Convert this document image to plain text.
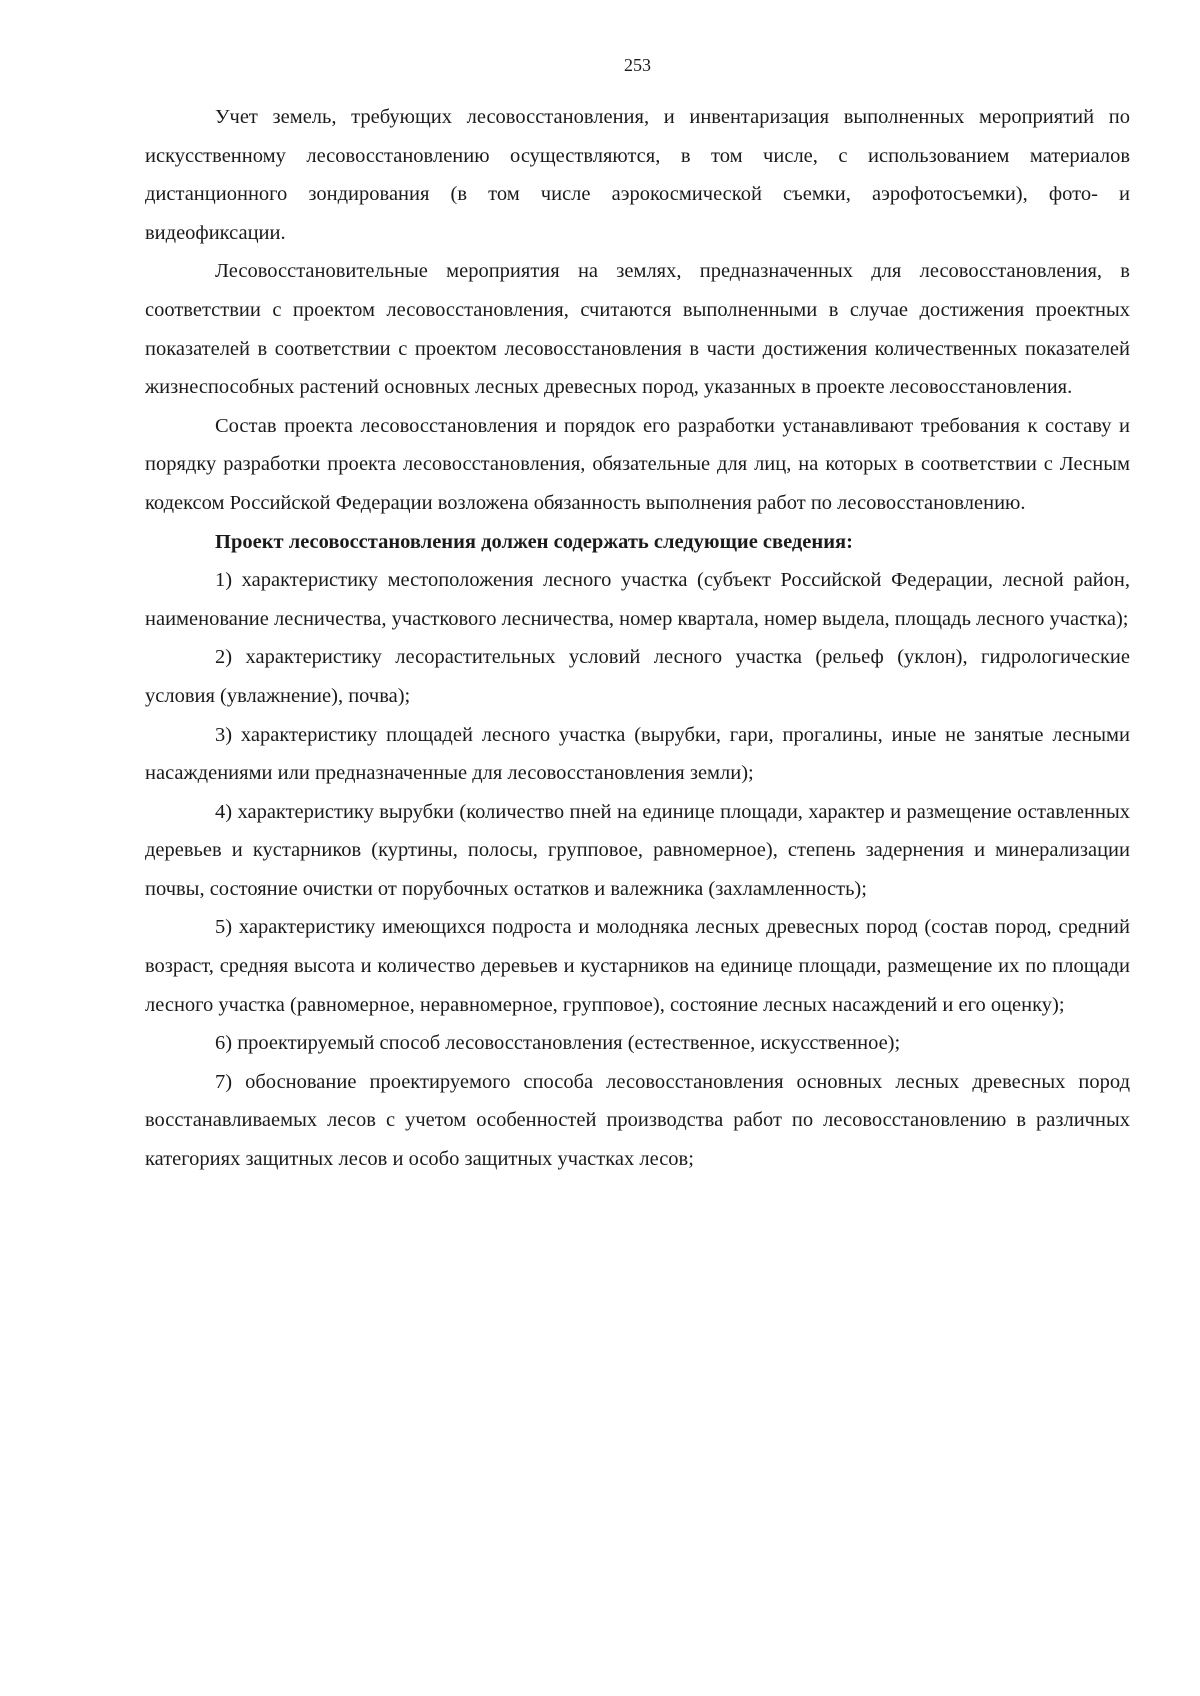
253

Учет земель, требующих лесовосстановления, и инвентаризация выполненных мероприятий по искусственному лесовосстановлению осуществляются, в том числе, с использованием материалов дистанционного зондирования (в том числе аэрокосмической съемки, аэрофотосъемки), фото- и видеофиксации.

Лесовосстановительные мероприятия на землях, предназначенных для лесовосстановления, в соответствии с проектом лесовосстановления, считаются выполненными в случае достижения проектных показателей в соответствии с проектом лесовосстановления в части достижения количественных показателей жизнеспособных растений основных лесных древесных пород, указанных в проекте лесовосстановления.

Состав проекта лесовосстановления и порядок его разработки устанавливают требования к составу и порядку разработки проекта лесовосстановления, обязательные для лиц, на которых в соответствии с Лесным кодексом Российской Федерации возложена обязанность выполнения работ по лесовосстановлению.

Проект лесовосстановления должен содержать следующие сведения:

1) характеристику местоположения лесного участка (субъект Российской Федерации, лесной район, наименование лесничества, участкового лесничества, номер квартала, номер выдела, площадь лесного участка);

2) характеристику лесорастительных условий лесного участка (рельеф (уклон), гидрологические условия (увлажнение), почва);

3) характеристику площадей лесного участка (вырубки, гари, прогалины, иные не занятые лесными насаждениями или предназначенные для лесовосстановления земли);

4) характеристику вырубки (количество пней на единице площади, характер и размещение оставленных деревьев и кустарников (куртины, полосы, групповое, равномерное), степень задернения и минерализации почвы, состояние очистки от порубочных остатков и валежника (захламленность);

5) характеристику имеющихся подроста и молодняка лесных древесных пород (состав пород, средний возраст, средняя высота и количество деревьев и кустарников на единице площади, размещение их по площади лесного участка (равномерное, неравномерное, групповое), состояние лесных насаждений и его оценку);

6) проектируемый способ лесовосстановления (естественное, искусственное);

7) обоснование проектируемого способа лесовосстановления основных лесных древесных пород восстанавливаемых лесов с учетом особенностей производства работ по лесовосстановлению в различных категориях защитных лесов и особо защитных участках лесов;
